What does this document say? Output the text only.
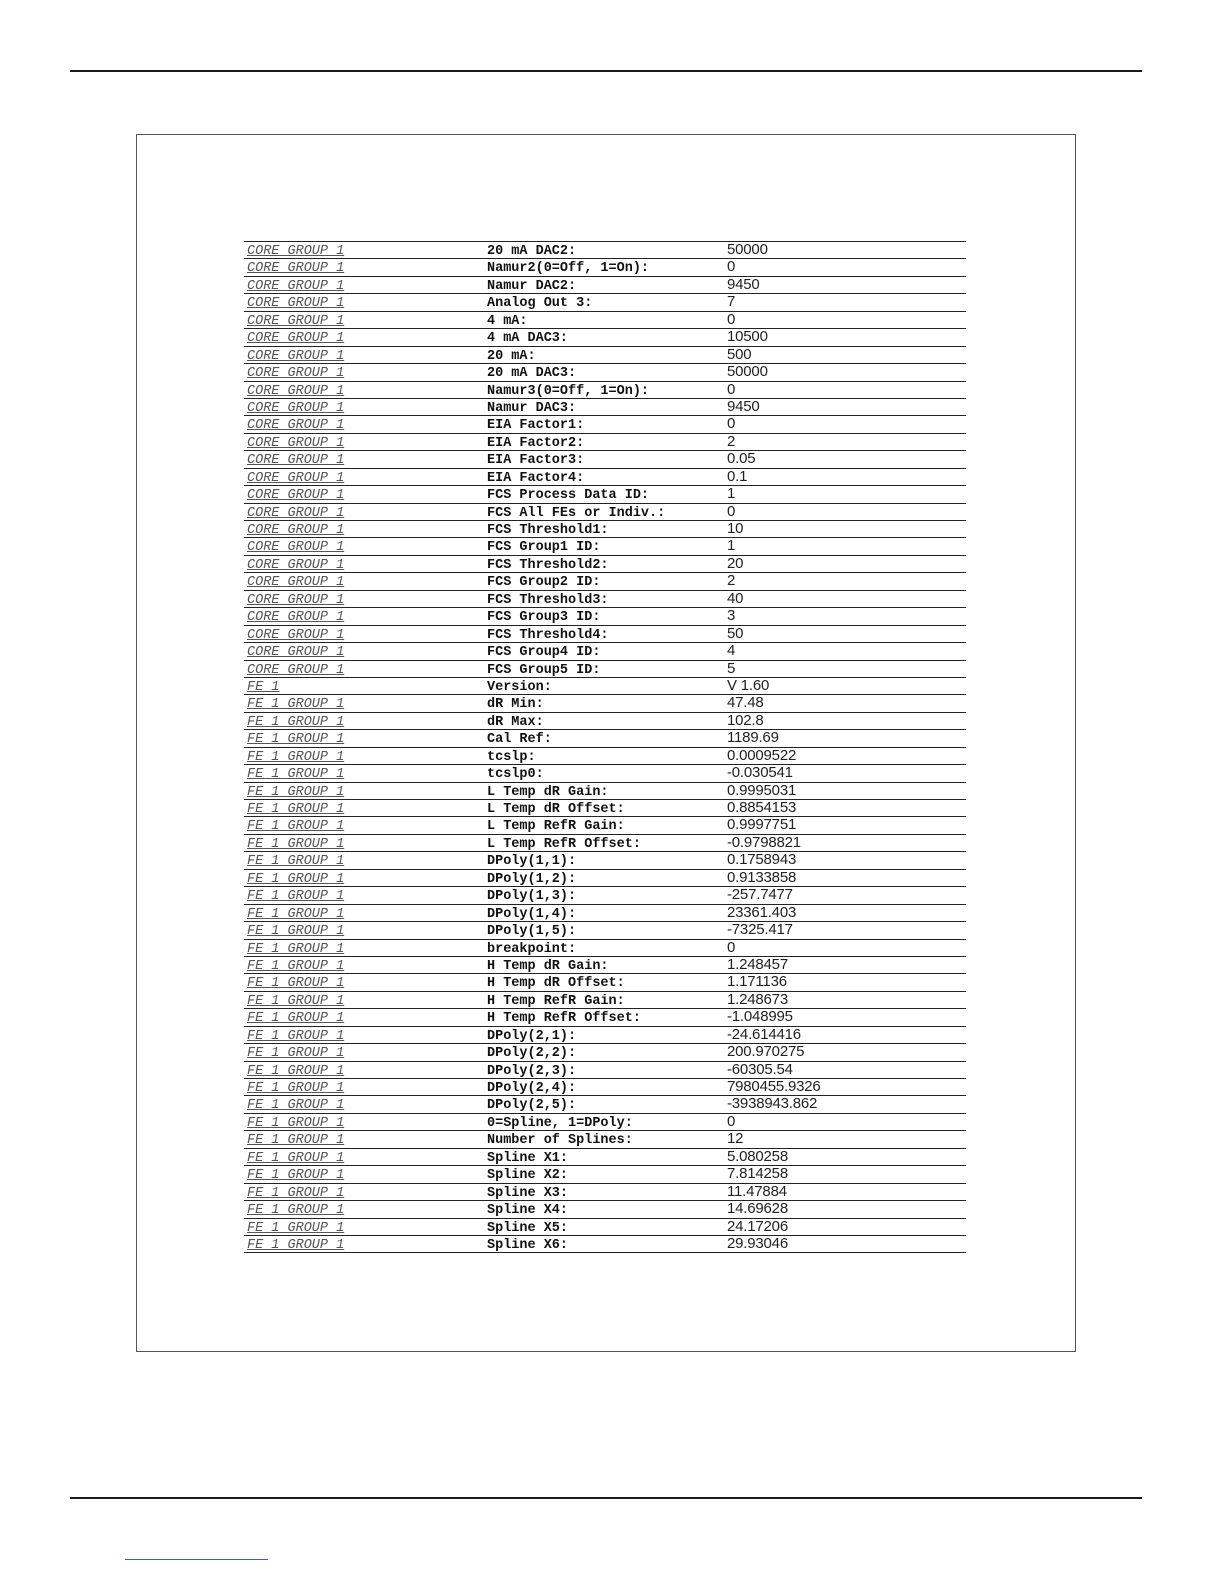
CORE GROUP 1	20 mA DAC2:	50000
CORE GROUP 1	Namur2(0=Off, 1=On):	0
CORE GROUP 1	Namur DAC2:	9450
CORE GROUP 1	Analog Out 3:	7
CORE GROUP 1	4 mA:	0
CORE GROUP 1	4 mA DAC3:	10500
CORE GROUP 1	20 mA:	500
CORE GROUP 1	20 mA DAC3:	50000
CORE GROUP 1	Namur3(0=Off, 1=On):	0
CORE GROUP 1	Namur DAC3:	9450
CORE GROUP 1	EIA Factor1:	0
CORE GROUP 1	EIA Factor2:	2
CORE GROUP 1	EIA Factor3:	0.05
CORE GROUP 1	EIA Factor4:	0.1
CORE GROUP 1	FCS Process Data ID:	1
CORE GROUP 1	FCS All FEs or Indiv.:	0
CORE GROUP 1	FCS Threshold1:	10
CORE GROUP 1	FCS Group1 ID:	1
CORE GROUP 1	FCS Threshold2:	20
CORE GROUP 1	FCS Group2 ID:	2
CORE GROUP 1	FCS Threshold3:	40
CORE GROUP 1	FCS Group3 ID:	3
CORE GROUP 1	FCS Threshold4:	50
CORE GROUP 1	FCS Group4 ID:	4
CORE GROUP 1	FCS Group5 ID:	5
FE 1	Version:	V 1.60
FE 1 GROUP 1	dR Min:	47.48
FE 1 GROUP 1	dR Max:	102.8
FE 1 GROUP 1	Cal Ref:	1189.69
FE 1 GROUP 1	tcslp:	0.0009522
FE 1 GROUP 1	tcslp0:	-0.030541
FE 1 GROUP 1	L Temp dR Gain:	0.9995031
FE 1 GROUP 1	L Temp dR Offset:	0.8854153
FE 1 GROUP 1	L Temp RefR Gain:	0.9997751
FE 1 GROUP 1	L Temp RefR Offset:	-0.9798821
FE 1 GROUP 1	DPoly(1,1):	0.1758943
FE 1 GROUP 1	DPoly(1,2):	0.9133858
FE 1 GROUP 1	DPoly(1,3):	-257.7477
FE 1 GROUP 1	DPoly(1,4):	23361.403
FE 1 GROUP 1	DPoly(1,5):	-7325.417
FE 1 GROUP 1	breakpoint:	0
FE 1 GROUP 1	H Temp dR Gain:	1.248457
FE 1 GROUP 1	H Temp dR Offset:	1.171136
FE 1 GROUP 1	H Temp RefR Gain:	1.248673
FE 1 GROUP 1	H Temp RefR Offset:	-1.048995
FE 1 GROUP 1	DPoly(2,1):	-24.614416
FE 1 GROUP 1	DPoly(2,2):	200.970275
FE 1 GROUP 1	DPoly(2,3):	-60305.54
FE 1 GROUP 1	DPoly(2,4):	7980455.9326
FE 1 GROUP 1	DPoly(2,5):	-3938943.862
FE 1 GROUP 1	0=Spline, 1=DPoly:	0
FE 1 GROUP 1	Number of Splines:	12
FE 1 GROUP 1	Spline X1:	5.080258
FE 1 GROUP 1	Spline X2:	7.814258
FE 1 GROUP 1	Spline X3:	11.47884
FE 1 GROUP 1	Spline X4:	14.69628
FE 1 GROUP 1	Spline X5:	24.17206
FE 1 GROUP 1	Spline X6:	29.93046
